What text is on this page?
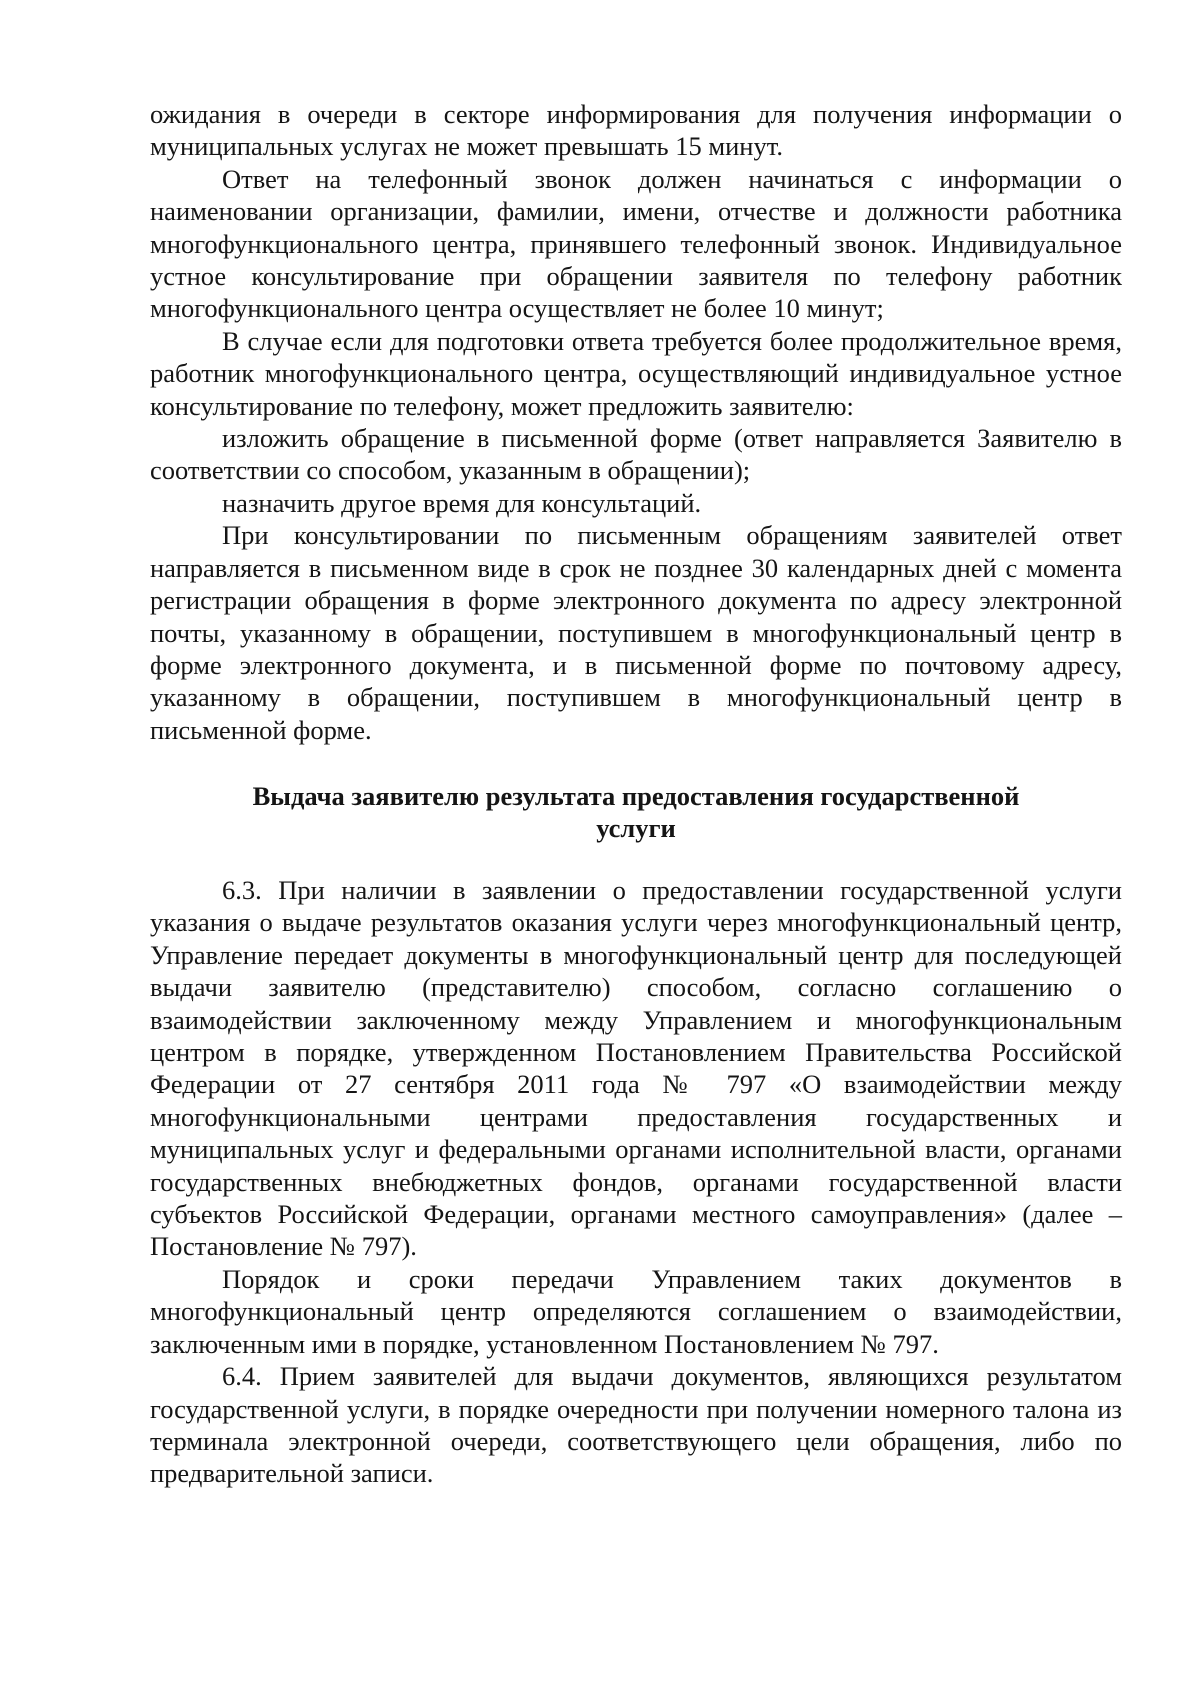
ожидания в очереди в секторе информирования для получения информации о муниципальных услугах не может превышать 15 минут.

Ответ на телефонный звонок должен начинаться с информации о наименовании организации, фамилии, имени, отчестве и должности работника многофункционального центра, принявшего телефонный звонок. Индивидуальное устное консультирование при обращении заявителя по телефону работник многофункционального центра осуществляет не более 10 минут;

В случае если для подготовки ответа требуется более продолжительное время, работник многофункционального центра, осуществляющий индивидуальное устное консультирование по телефону, может предложить заявителю:

изложить обращение в письменной форме (ответ направляется Заявителю в соответствии со способом, указанным в обращении);

назначить другое время для консультаций.

При консультировании по письменным обращениям заявителей ответ направляется в письменном виде в срок не позднее 30 календарных дней с момента регистрации обращения в форме электронного документа по адресу электронной почты, указанному в обращении, поступившем в многофункциональный центр в форме электронного документа, и в письменной форме по почтовому адресу, указанному в обращении, поступившем в многофункциональный центр в письменной форме.

Выдача заявителю результата предоставления государственной
услуги

6.3. При наличии в заявлении о предоставлении государственной услуги указания о выдаче результатов оказания услуги через многофункциональный центр, Управление передает документы в многофункциональный центр для последующей выдачи заявителю (представителю) способом, согласно соглашению о взаимодействии заключенному между Управлением и многофункциональным центром в порядке, утвержденном Постановлением Правительства Российской Федерации от 27 сентября 2011 года № 797 «О взаимодействии между многофункциональными центрами предоставления государственных и муниципальных услуг и федеральными органами исполнительной власти, органами государственных внебюджетных фондов, органами государственной власти субъектов Российской Федерации, органами местного самоуправления» (далее – Постановление № 797).

Порядок и сроки передачи Управлением таких документов в многофункциональный центр определяются соглашением о взаимодействии, заключенным ими в порядке, установленном Постановлением № 797.

6.4. Прием заявителей для выдачи документов, являющихся результатом государственной услуги, в порядке очередности при получении номерного талона из терминала электронной очереди, соответствующего цели обращения, либо по предварительной записи.
